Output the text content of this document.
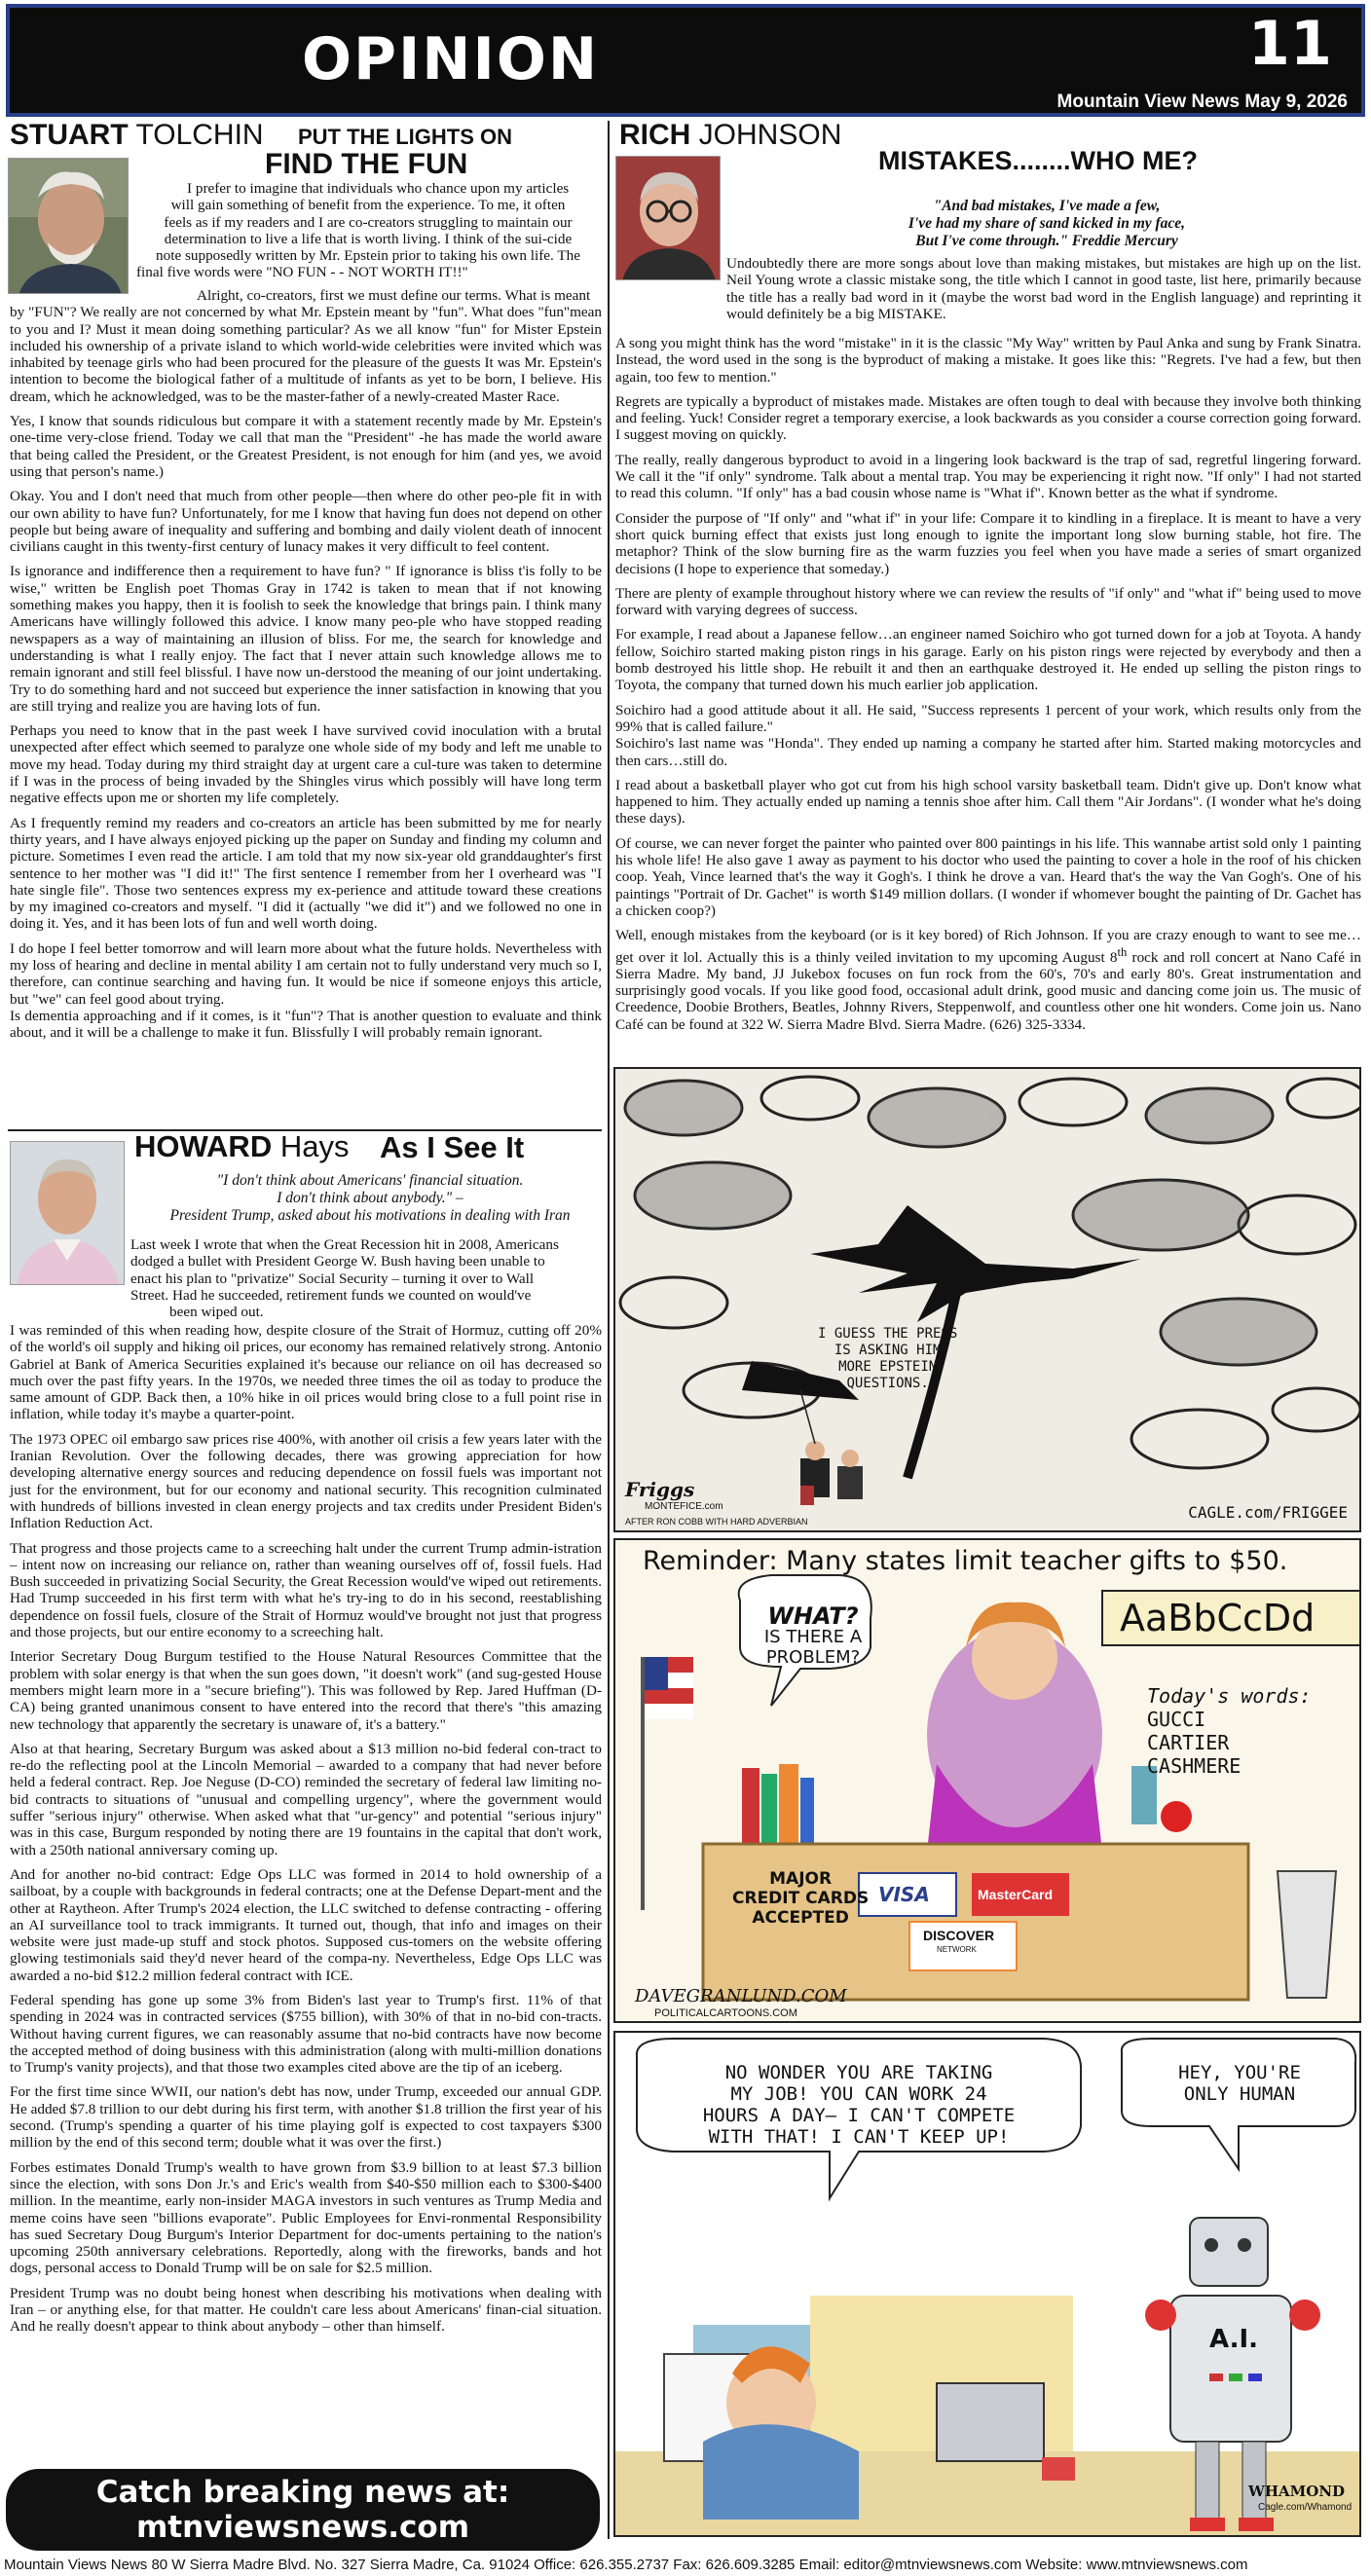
OPINION	11
Mountain View News May 9, 2026
STUART TOLCHIN PUT THE LIGHTS ON
FIND THE FUN
I prefer to imagine that individuals who chance upon my articles
will gain something of benefit from the experience. To me, it often
feels as if my readers and I are co-creators struggling to maintain our
determination to live a life that is worth living. I think of the sui-cide
note supposedly written by Mr. Epstein prior to taking his own life. The
final five words were "NO FUN - - NOT WORTH IT!!"

Alright, co-creators, first we must define our terms. What is meant

by "FUN"? We really are not concerned by what Mr. Epstein meant by "fun". What does "fun"mean to you and I? Must it mean doing something particular? As we all know "fun" for Mister Epstein included his ownership of a private island to which world-wide celebrities were invited which was inhabited by teenage girls who had been procured for the pleasure of the guests It was Mr. Epstein's intention to become the biological father of a multitude of infants as yet to be born, I believe. His dream, which he acknowledged, was to be the master-father of a newly-created Master Race.

Yes, I know that sounds ridiculous but compare it with a statement recently made by Mr. Epstein's one-time very-close friend. Today we call that man the "President" -he has made the world aware that being called the President, or the Greatest President, is not enough for him (and yes, we avoid using that person's name.)

Okay. You and I don't need that much from other people—then where do other peo-ple fit in with our own ability to have fun? Unfortunately, for me I know that having fun does not depend on other people but being aware of inequality and suffering and bombing and daily violent death of innocent civilians caught in this twenty-first century of lunacy makes it very difficult to feel content.

Is ignorance and indifference then a requirement to have fun? " If ignorance is bliss t'is folly to be wise," written be English poet Thomas Gray in 1742 is taken to mean that if not knowing something makes you happy, then it is foolish to seek the knowledge that brings pain. I think many Americans have willingly followed this advice. I know many peo-ple who have stopped reading newspapers as a way of maintaining an illusion of bliss. For me, the search for knowledge and understanding is what I really enjoy. The fact that I never attain such knowledge allows me to remain ignorant and still feel blissful. I have now un-derstood the meaning of our joint undertaking. Try to do something hard and not succeed but experience the inner satisfaction in knowing that you are still trying and realize you are having lots of fun.

Perhaps you need to know that in the past week I have survived covid inoculation with a brutal unexpected after effect which seemed to paralyze one whole side of my body and left me unable to move my head. Today during my third straight day at urgent care a cul-ture was taken to determine if I was in the process of being invaded by the Shingles virus which possibly will have long term negative effects upon me or shorten my life completely.

As I frequently remind my readers and co-creators an article has been submitted by me for nearly thirty years, and I have always enjoyed picking up the paper on Sunday and finding my column and picture. Sometimes I even read the article. I am told that my now six-year old granddaughter's first sentence to her mother was "I did it!" The first sentence I remember from her I overheard was "I hate single file". Those two sentences express my ex-perience and attitude toward these creations by my imagined co-creators and myself. "I did it (actually "we did it") and we followed no one in doing it. Yes, and it has been lots of fun and well worth doing.

I do hope I feel better tomorrow and will learn more about what the future holds. Nevertheless with my loss of hearing and decline in mental ability I am certain not to fully understand very much so I, therefore, can continue searching and having fun. It would be nice if someone enjoys this article, but "we" can feel good about trying.

Is dementia approaching and if it comes, is it "fun"? That is another question to evaluate and think about, and it will be a challenge to make it fun. Blissfully I will probably remain ignorant.

HOWARD Hays As I See It
"I don't think about Americans' financial situation.
I don't think about anybody." –
President Trump, asked about his motivations in dealing with Iran
Last week I wrote that when the Great Recession hit in 2008, Americans
dodged a bullet with President George W. Bush having been unable to
enact his plan to "privatize" Social Security – turning it over to Wall
Street. Had he succeeded, retirement funds we counted on would've
been wiped out.

I was reminded of this when reading how, despite closure of the Strait of Hormuz, cutting off 20% of the world's oil supply and hiking oil prices, our economy has remained relatively strong. Antonio Gabriel at Bank of America Securities explained it's because our reliance on oil has decreased so much over the past fifty years. In the 1970s, we needed three times the oil as today to produce the same amount of GDP. Back then, a 10% hike in oil prices would bring close to a full point rise in inflation, while today it's maybe a quarter-point.

The 1973 OPEC oil embargo saw prices rise 400%, with another oil crisis a few years later with the Iranian Revolution. Over the following decades, there was growing appreciation for how developing alternative energy sources and reducing dependence on fossil fuels was important not just for the environment, but for our economy and national security. This recognition culminated with hundreds of billions invested in clean energy projects and tax credits under President Biden's Inflation Reduction Act.

That progress and those projects came to a screeching halt under the current Trump admin-istration – intent now on increasing our reliance on, rather than weaning ourselves off of, fossil fuels. Had Bush succeeded in privatizing Social Security, the Great Recession would've wiped out retirements. Had Trump succeeded in his first term with what he's try-ing to do in his second, reestablishing dependence on fossil fuels, closure of the Strait of Hormuz would've brought not just that progress and those projects, but our entire economy to a screeching halt.

Interior Secretary Doug Burgum testified to the House Natural Resources Committee that the problem with solar energy is that when the sun goes down, "it doesn't work" (and sug-gested House members might learn more in a "secure briefing"). This was followed by Rep. Jared Huffman (D-CA) being granted unanimous consent to have entered into the record that there's "this amazing new technology that apparently the secretary is unaware of, it's a battery."

Also at that hearing, Secretary Burgum was asked about a $13 million no-bid federal con-tract to re-do the reflecting pool at the Lincoln Memorial – awarded to a company that had never before held a federal contract. Rep. Joe Neguse (D-CO) reminded the secretary of federal law limiting no-bid contracts to situations of "unusual and compelling urgency", where the government would suffer "serious injury" otherwise. When asked what that "ur-gency" and potential "serious injury" was in this case, Burgum responded by noting there are 19 fountains in the capital that don't work, with a 250th national anniversary coming up.

And for another no-bid contract: Edge Ops LLC was formed in 2014 to hold ownership of a sailboat, by a couple with backgrounds in federal contracts; one at the Defense Depart-ment and the other at Raytheon. After Trump's 2024 election, the LLC switched to defense contracting - offering an AI surveillance tool to track immigrants. It turned out, though, that info and images on their website were just made-up stuff and stock photos. Supposed cus-tomers on the website offering glowing testimonials said they'd never heard of the compa-ny. Nevertheless, Edge Ops LLC was awarded a no-bid $12.2 million federal contract with ICE.

Federal spending has gone up some 3% from Biden's last year to Trump's first. 11% of that spending in 2024 was in contracted services ($755 billion), with 30% of that in no-bid con-tracts. Without having current figures, we can reasonably assume that no-bid contracts have now become the accepted method of doing business with this administration (along with multi-million donations to Trump's vanity projects), and that those two examples cited above are the tip of an iceberg.

For the first time since WWII, our nation's debt has now, under Trump, exceeded our annual GDP. He added $7.8 trillion to our debt during his first term, with another $1.8 trillion the first year of his second. (Trump's spending a quarter of his time playing golf is expected to cost taxpayers $300 million by the end of this second term; double what it was over the first.)

Forbes estimates Donald Trump's wealth to have grown from $3.9 billion to at least $7.3 billion since the election, with sons Don Jr.'s and Eric's wealth from $40-$50 million each to $300-$400 million. In the meantime, early non-insider MAGA investors in such ventures as Trump Media and meme coins have seen "billions evaporate". Public Employees for Envi-ronmental Responsibility has sued Secretary Doug Burgum's Interior Department for doc-uments pertaining to the nation's upcoming 250th anniversary celebrations. Reportedly, along with the fireworks, bands and hot dogs, personal access to Donald Trump will be on sale for $2.5 million.

President Trump was no doubt being honest when describing his motivations when dealing with Iran – or anything else, for that matter. He couldn't care less about Americans' finan-cial situation. And he really doesn't appear to think about anybody – other than himself.

RICH JOHNSON
MISTAKES........WHO ME?
"And bad mistakes, I've made a few,
I've had my share of sand kicked in my face,
But I've come through." Freddie Mercury

Undoubtedly there are more songs about love than making mistakes, but mistakes are high up on the list. Neil Young wrote a classic mistake song, the title which I cannot in good taste, list here, primarily because the title has a really bad word in it (maybe the worst bad word in the English language) and reprinting it would definitely be a big MISTAKE.

A song you might think has the word "mistake" in it is the classic "My Way" written by Paul Anka and sung by Frank Sinatra. Instead, the word used in the song is the byproduct of making a mistake. It goes like this: "Regrets. I've had a few, but then again, too few to mention."

Regrets are typically a byproduct of mistakes made. Mistakes are often tough to deal with because they involve both thinking and feeling. Yuck! Consider regret a temporary exercise, a look backwards as you consider a course correction going forward. I suggest moving on quickly.

The really, really dangerous byproduct to avoid in a lingering look backward is the trap of sad, regretful lingering forward. We call it the "if only" syndrome. Talk about a mental trap. You may be experiencing it right now. "If only" I had not started to read this column. "If only" has a bad cousin whose name is "What if". Known better as the what if syndrome.

Consider the purpose of "If only" and "what if" in your life: Compare it to kindling in a fireplace. It is meant to have a very short quick burning effect that exists just long enough to ignite the important long slow burning stable, hot fire. The metaphor? Think of the slow burning fire as the warm fuzzies you feel when you have made a series of smart organized decisions (I hope to experience that someday.)

There are plenty of example throughout history where we can review the results of "if only" and "what if" being used to move forward with varying degrees of success.

For example, I read about a Japanese fellow…an engineer named Soichiro who got turned down for a job at Toyota. A handy fellow, Soichiro started making piston rings in his garage. Early on his piston rings were rejected by everybody and then a bomb destroyed his little shop. He rebuilt it and then an earthquake destroyed it. He ended up selling the piston rings to Toyota, the company that turned down his much earlier job application.

Soichiro had a good attitude about it all. He said, "Success represents 1 percent of your work, which results only from the 99% that is called failure."

Soichiro's last name was "Honda". They ended up naming a company he started after him. Started making motorcycles and then cars…still do.

I read about a basketball player who got cut from his high school varsity basketball team. Didn't give up. Don't know what happened to him. They actually ended up naming a tennis shoe after him. Call them "Air Jordans". (I wonder what he's doing these days).

Of course, we can never forget the painter who painted over 800 paintings in his life. This wannabe artist sold only 1 painting his whole life! He also gave 1 away as payment to his doctor who used the painting to cover a hole in the roof of his chicken coop. Yeah, Vince learned that's the way it Gogh's. I think he drove a van. Heard that's the way the Van Gogh's. One of his paintings "Portrait of Dr. Gachet" is worth $149 million dollars. (I wonder if whomever bought the painting of Dr. Gachet has a chicken coop?)

Well, enough mistakes from the keyboard (or is it key bored) of Rich Johnson. If you are crazy enough to want to see me…get over it lol. Actually this is a thinly veiled invitation to my upcoming August 8th rock and roll concert at Nano Café in Sierra Madre. My band, JJ Jukebox focuses on fun rock from the 60's, 70's and early 80's. Great instrumentation and surprisingly good vocals. If you like good food, occasional adult drink, good music and dancing come join us. The music of Creedence, Doobie Brothers, Beatles, Johnny Rivers, Steppenwolf, and countless other one hit wonders. Come join us. Nano Café can be found at 322 W. Sierra Madre Blvd. Sierra Madre. (626) 325-3334.

I GUESS THE PRESS
IS ASKING HIM
MORE EPSTEIN
QUESTIONS.
Friggs
MONTEFICE.com
AFTER RON COBB WITH HARD ADVERBIAN	CAGLE.com/FRIGGEE
Reminder: Many states limit teacher gifts to $50.
AaBbCcDd
WHAT?
IS THERE A
PROBLEM?
Today's words:
GUCCI
CARTIER
CASHMERE
MAJOR
CREDIT CARDS
ACCEPTED
VISA	MasterCard
DISCOVER
NETWORK
DAVEGRANLUND.COM
POLITICALCARTOONS.COM
NO WONDER YOU ARE TAKING
MY JOB! YOU CAN WORK 24
HOURS A DAY– I CAN'T COMPETE
WITH THAT! I CAN'T KEEP UP!
HEY, YOU'RE
ONLY HUMAN
A.I.
WHAMOND
Cagle.com/Whamond
Catch breaking news at:
mtnviewsnews.com
Mountain Views News 80 W Sierra Madre Blvd. No. 327 Sierra Madre, Ca. 91024 Office: 626.355.2737 Fax: 626.609.3285 Email: editor@mtnviewsnews.com Website: www.mtnviewsnews.com
